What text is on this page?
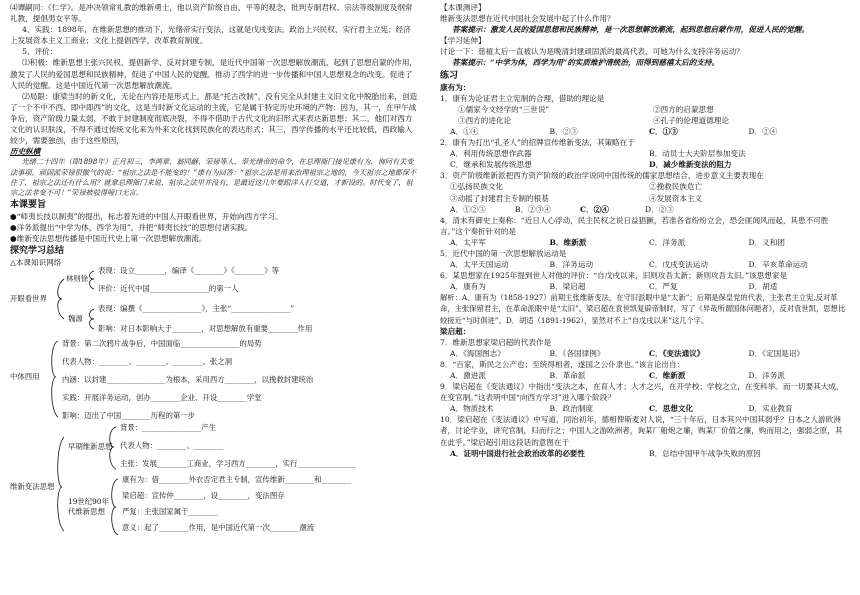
⑷谭嗣同：《仁学》。是冲决领常礼教的维新勇士，他以资产阶级自由、平等的观念，批判专制君权、宗法等级制度及纲常礼教，提倡男女平等。

4、实践：1898年，在维新思想的推动下，光绪帝实行变法，这就是戊戌变法。政治上兴民权、实行君主立宪；经济上发展资本主义工商业；文化上提倡西学，改革教育制度。

5、评价：

⑴积极：维新思想主张兴民权、提倡新学、反对封建专制，是近代中国第一次思想解放潮流，起到了思想启蒙的作用，激发了人民的爱国思想和民族精神，促进了中国人民的觉醒。推动了西学的进一步传播和中国人思想观念的改变。促进了人民的觉醒。这是中国近代第一次思想解放潮流。

⑵局限：康梁当时的新文化，无论在内容还是形式上，都是“托古改制”，没有完全从封建主义旧文化中脱胎出来，创造了一个不中不西、即中即西”的文化，这是当时新文化运动的主流，它是属于特定历史环境的产物：因为，其一，在甲午战争后，资产阶级力量太弱，不敢于封建制度彻底决裂，不得不借助于古代文化的旧形式来表达新思想；其二，他们对西方文化的认识肤浅，不得不通过传统文化来为外来文化找到民族化的表达形式；其三，西学传播的水平还比较低，西政输入较少，需要独创，由于这些原因，

历史纵横

光绪二十四年（即1898年）正月初三，李鸿章、翁同龢、荣禄等人，奉光绪帝的命令，在总理衙门接见康有为，询问有关变法事项。顽固派荣禄很傲气的说：“祖宗之法是不能变的！”康有为回答：“祖宗之法是用来治理祖宗之地的，今天祖宗之地都保不住了，祖宗之法还有什么用？就拿总理衙门来说，祖宗之法里并没有，是最近这几年要跟洋人打交道，才新设的。时代变了，祖宗之法非变不可！”荣禄被驳得哑口无言。

本课要旨

●“师夷长技以制夷”的提出，标志着先进的中国人开眼看世界，开始向西方学习。

●洋务派提出“中学为体，西学为用”，并把“师夷长技”的思想付诸实践。

●维新变法思想传播是中国近代史上第一次思想解放潮流。

探究学习总结

△本课知识网络

开眼看世界
林则徐
表现：设立________，编译《________》《________》等
评价：近代中国________________的第一人
魏源
表现：编撰《________________》，主张“________________”
影响：对日本影响大于________，对思想解放有重要________作用
中体西用
背景：第二次鸦片战争后，中国面临________________的局势
代表人物：________、________、________、张之洞
内涵：以封建________________为根本，采用西方________，以挽救封建统治
实践：开展洋务运动，创办________企业、开设________学堂
影响：迈出了中国________历程的第一步
维新变法思想
早期维新思想
背景：________________产生
代表人物：________、________
主张：发展________工商业，学习西方________，实行________________
19世纪90年代维新思想
康有为：借________外衣否定君主专制，宣传维新________和________
梁启超：宣传仲________，设________，变法图存
严复：主张国家属于________
意义：起了________作用，是中国近代第一次________潮流

【本课测评】

维新变法思想在近代中国社会发展中起了什么作用？

答案提示：激发人民的爱国思想和民族精神，是一次思想解放潮流，起到思想启蒙作用，促进人民的觉醒。

【学习延伸】

讨论一下：慈禧太后一直被认为是晚清封建顽固派的最高代表，可她为什么支持洋务运动？

答案提示：“中学为体，西学为用”的实质维护清统治，而得到慈禧太后的支持。

练习

康有为：

1．康有为论证君主立宪制的合理，借助的理论是

①儒家今文经学的“三世说”	②西方的启蒙思想
③西方的进化论	④孔子的伦理道德理论
A．①④	B．②③	C．①③	D．②④

2．康有为打出“孔圣人”的招牌宣传维新变法，其策略在于

A．利用传统思想作武器	B．动员士大夫阶层参加变法
C．继承和发展传统思想	D．减少维新变法的阻力

3．资产阶级维新派把西方资产阶级的政治学说同中国传统的儒家思想结合，进步意义主要表现在

①弘扬民族文化	②挽救民族危亡
③动摇了封建君主专制的根基	④发展资本主义
A．①②③	B．②③④	C．②④	D．②③

4．清末有御史上奏称：“近日人心浮动，民主民权之说日益猖獗，若准各省纷纷立会，恐会匪闻风而起，其患不可胜言。”这个奏折针对的是

A．太平军	B．维新派	C．洋务派	D．义和团

5．近代中国的第一次思想解放运动是

A．太平天国运动	B．洋务运动	C．戊戌变法运动	D．辛亥革命运动

6．某思想家在1925年提到世人对他的评价：“自戊戌以来，旧则攻吾太新；新则攻吾太旧。”该思想家是

A．康有为	B．梁启超	C．严复	D．胡适

解析：A．康有为（1858-1927）前期主张维新变法，在守旧派眼中是“太新”；后期是保皇党的代表，主张君主立宪,反对革命，主张保留君主，在革命派眼中是“太旧”。梁启超在袁世凯复辟帝制时，写了《异哉所谓国体问题者》，反对袁世凯，思想比较接近“与时俱进”。D．胡适（1891-1962），显然对不上“自戊戌以来”这几个字。

梁启超：

7．维新思想家梁启超的代表作是

A．《海国图志》	B．《各国律例》	C．《变法通议》	D．《定国是诏》

8．“百家，斯民之公产也；至统得相者，遂国之公仆隶也。”该言论出自：

A．激进派	B．革命派	C．维新派	D．洋务派

9．梁启超在《变法通议》中指出“变法之本，在育人才；人才之兴，在开学校；学校之立，在变科举。而一切要其大成，在变官制。”这表明中国“向西方学习”进入哪个阶段？

A．物质技术	B．政治制度	C．思想文化	D．实业教育

10．梁启超在《变法通议》中写道，同治初年，德相俾斯麦对人说，“三十年后，日本其兴中国其弱乎？日本之人游欧洲者，讨论学业，讲究官制，归而行之；中国人之游欧洲者，询某厂船炮之廉，购某厂价值之廉，购而用之，强弱之原，其在此乎。”梁启超引用这段话的意图在于

A．证明中国进行社会政治改革的必要性	B．总结中国甲午战争失败的原因
